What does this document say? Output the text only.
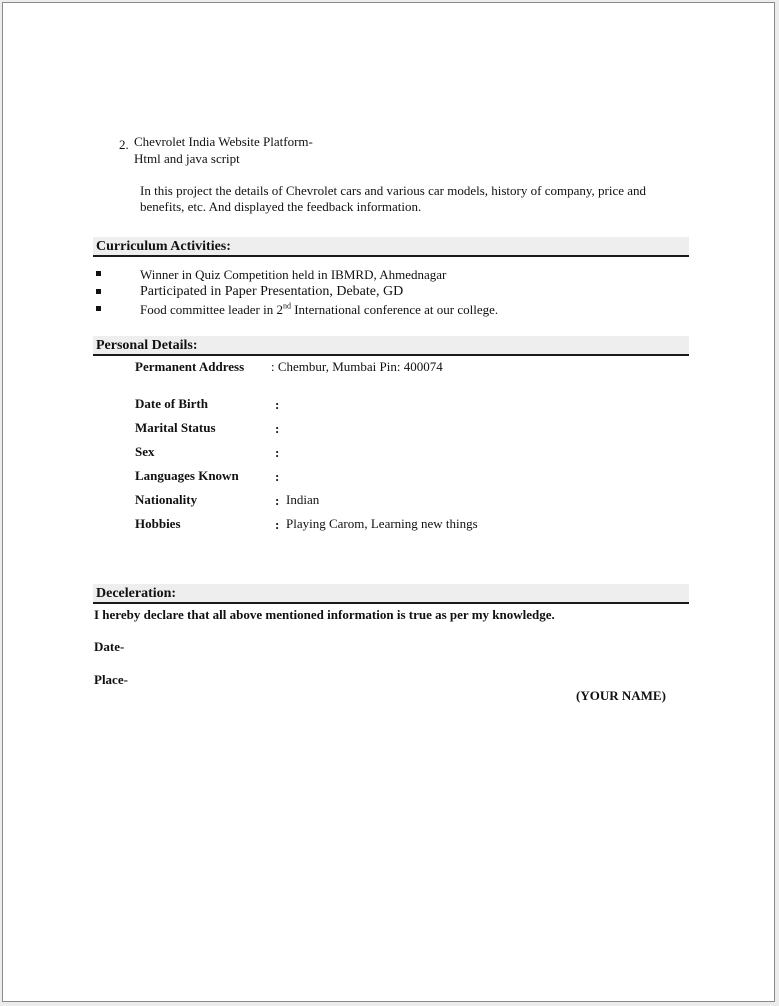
2. Chevrolet India Website Platform-
Html and java script
In this project the details of Chevrolet cars and various car models, history of company, price and
benefits, etc. And displayed the feedback information.
Curriculum Activities:
Winner in Quiz Competition held in IBMRD, Ahmednagar
Participated in Paper Presentation, Debate, GD
Food committee leader in 2nd International conference at our college.
Personal Details:
Permanent Address : Chembur, Mumbai Pin: 400074
Date of Birth	:
Marital Status	:
Sex	:
Languages Known	:
Nationality	: Indian
Hobbies	: Playing Carom, Learning new things
Deceleration:
I hereby declare that all above mentioned information is true as per my knowledge.
Date-
Place-
(YOUR NAME)
